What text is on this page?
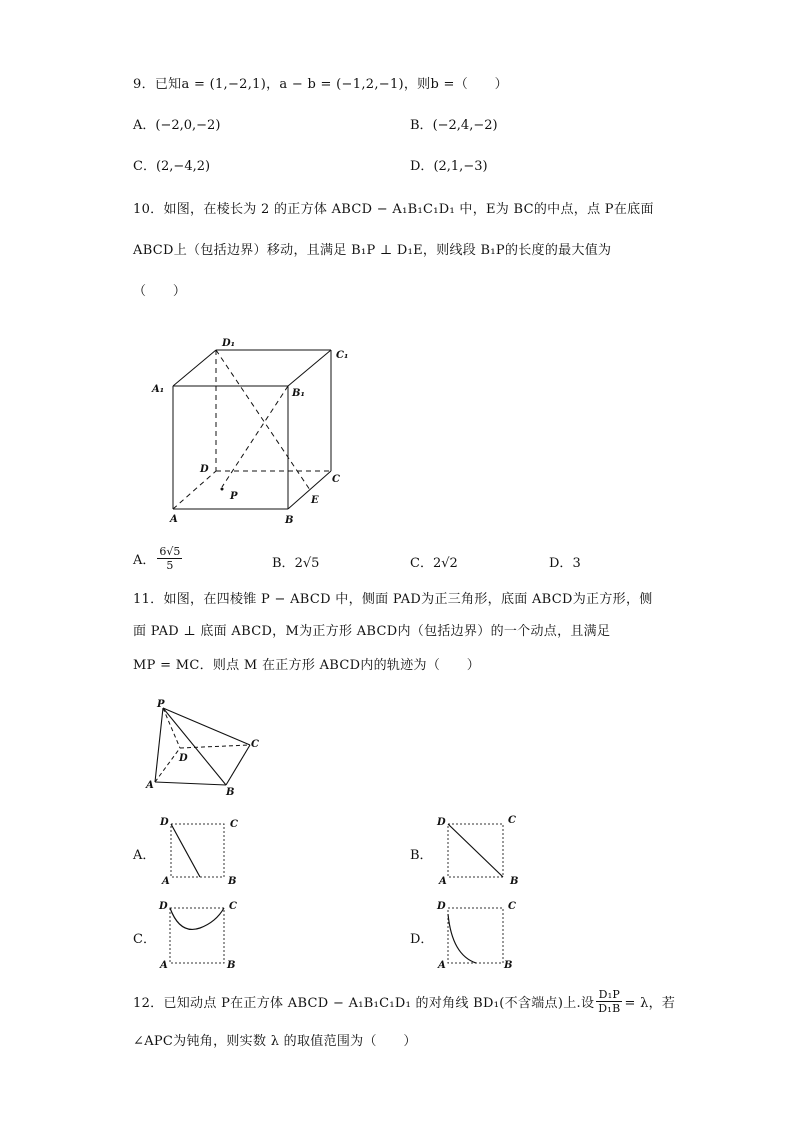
9．已知a = (1,−2,1)，a − b = (−1,2,−1)，则b =（　　）
A．(−2,0,−2)	B．(−2,4,−2)
C．(2,−4,2)	D．(2,1,−3)
10．如图，在棱长为 2 的正方体 ABCD − A₁B₁C₁D₁ 中，E为 BC的中点，点 P在底面
ABCD上（包括边界）移动，且满足 B₁P ⊥ D₁E，则线段 B₁P的长度的最大值为
（　　）
D₁
C₁
A₁	B₁
D
C
E
P
A	B
A． $\frac{6√5}{5}$	B．2√5	C．2√2	D．3
11．如图，在四棱锥 P − ABCD 中，侧面 PAD为正三角形，底面 ABCD为正方形，侧
面 PAD ⊥ 底面 ABCD，M为正方形 ABCD内（包括边界）的一个动点，且满足
MP = MC．则点 M 在正方形 ABCD内的轨迹为（　　）
P
D
C
A
B
A．
D	C
A	B
B．
D	C
A	B
C．
D	C
A	B
D．
D	C
A	B
12．已知动点 P在正方体 ABCD − A₁B₁C₁D₁ 的对角线 BD₁(不含端点)上.设 $\frac{\text{D₁P}}{\text{D₁B}} = \lambda$，若
∠APC为钝角，则实数 λ 的取值范围为（　　）
